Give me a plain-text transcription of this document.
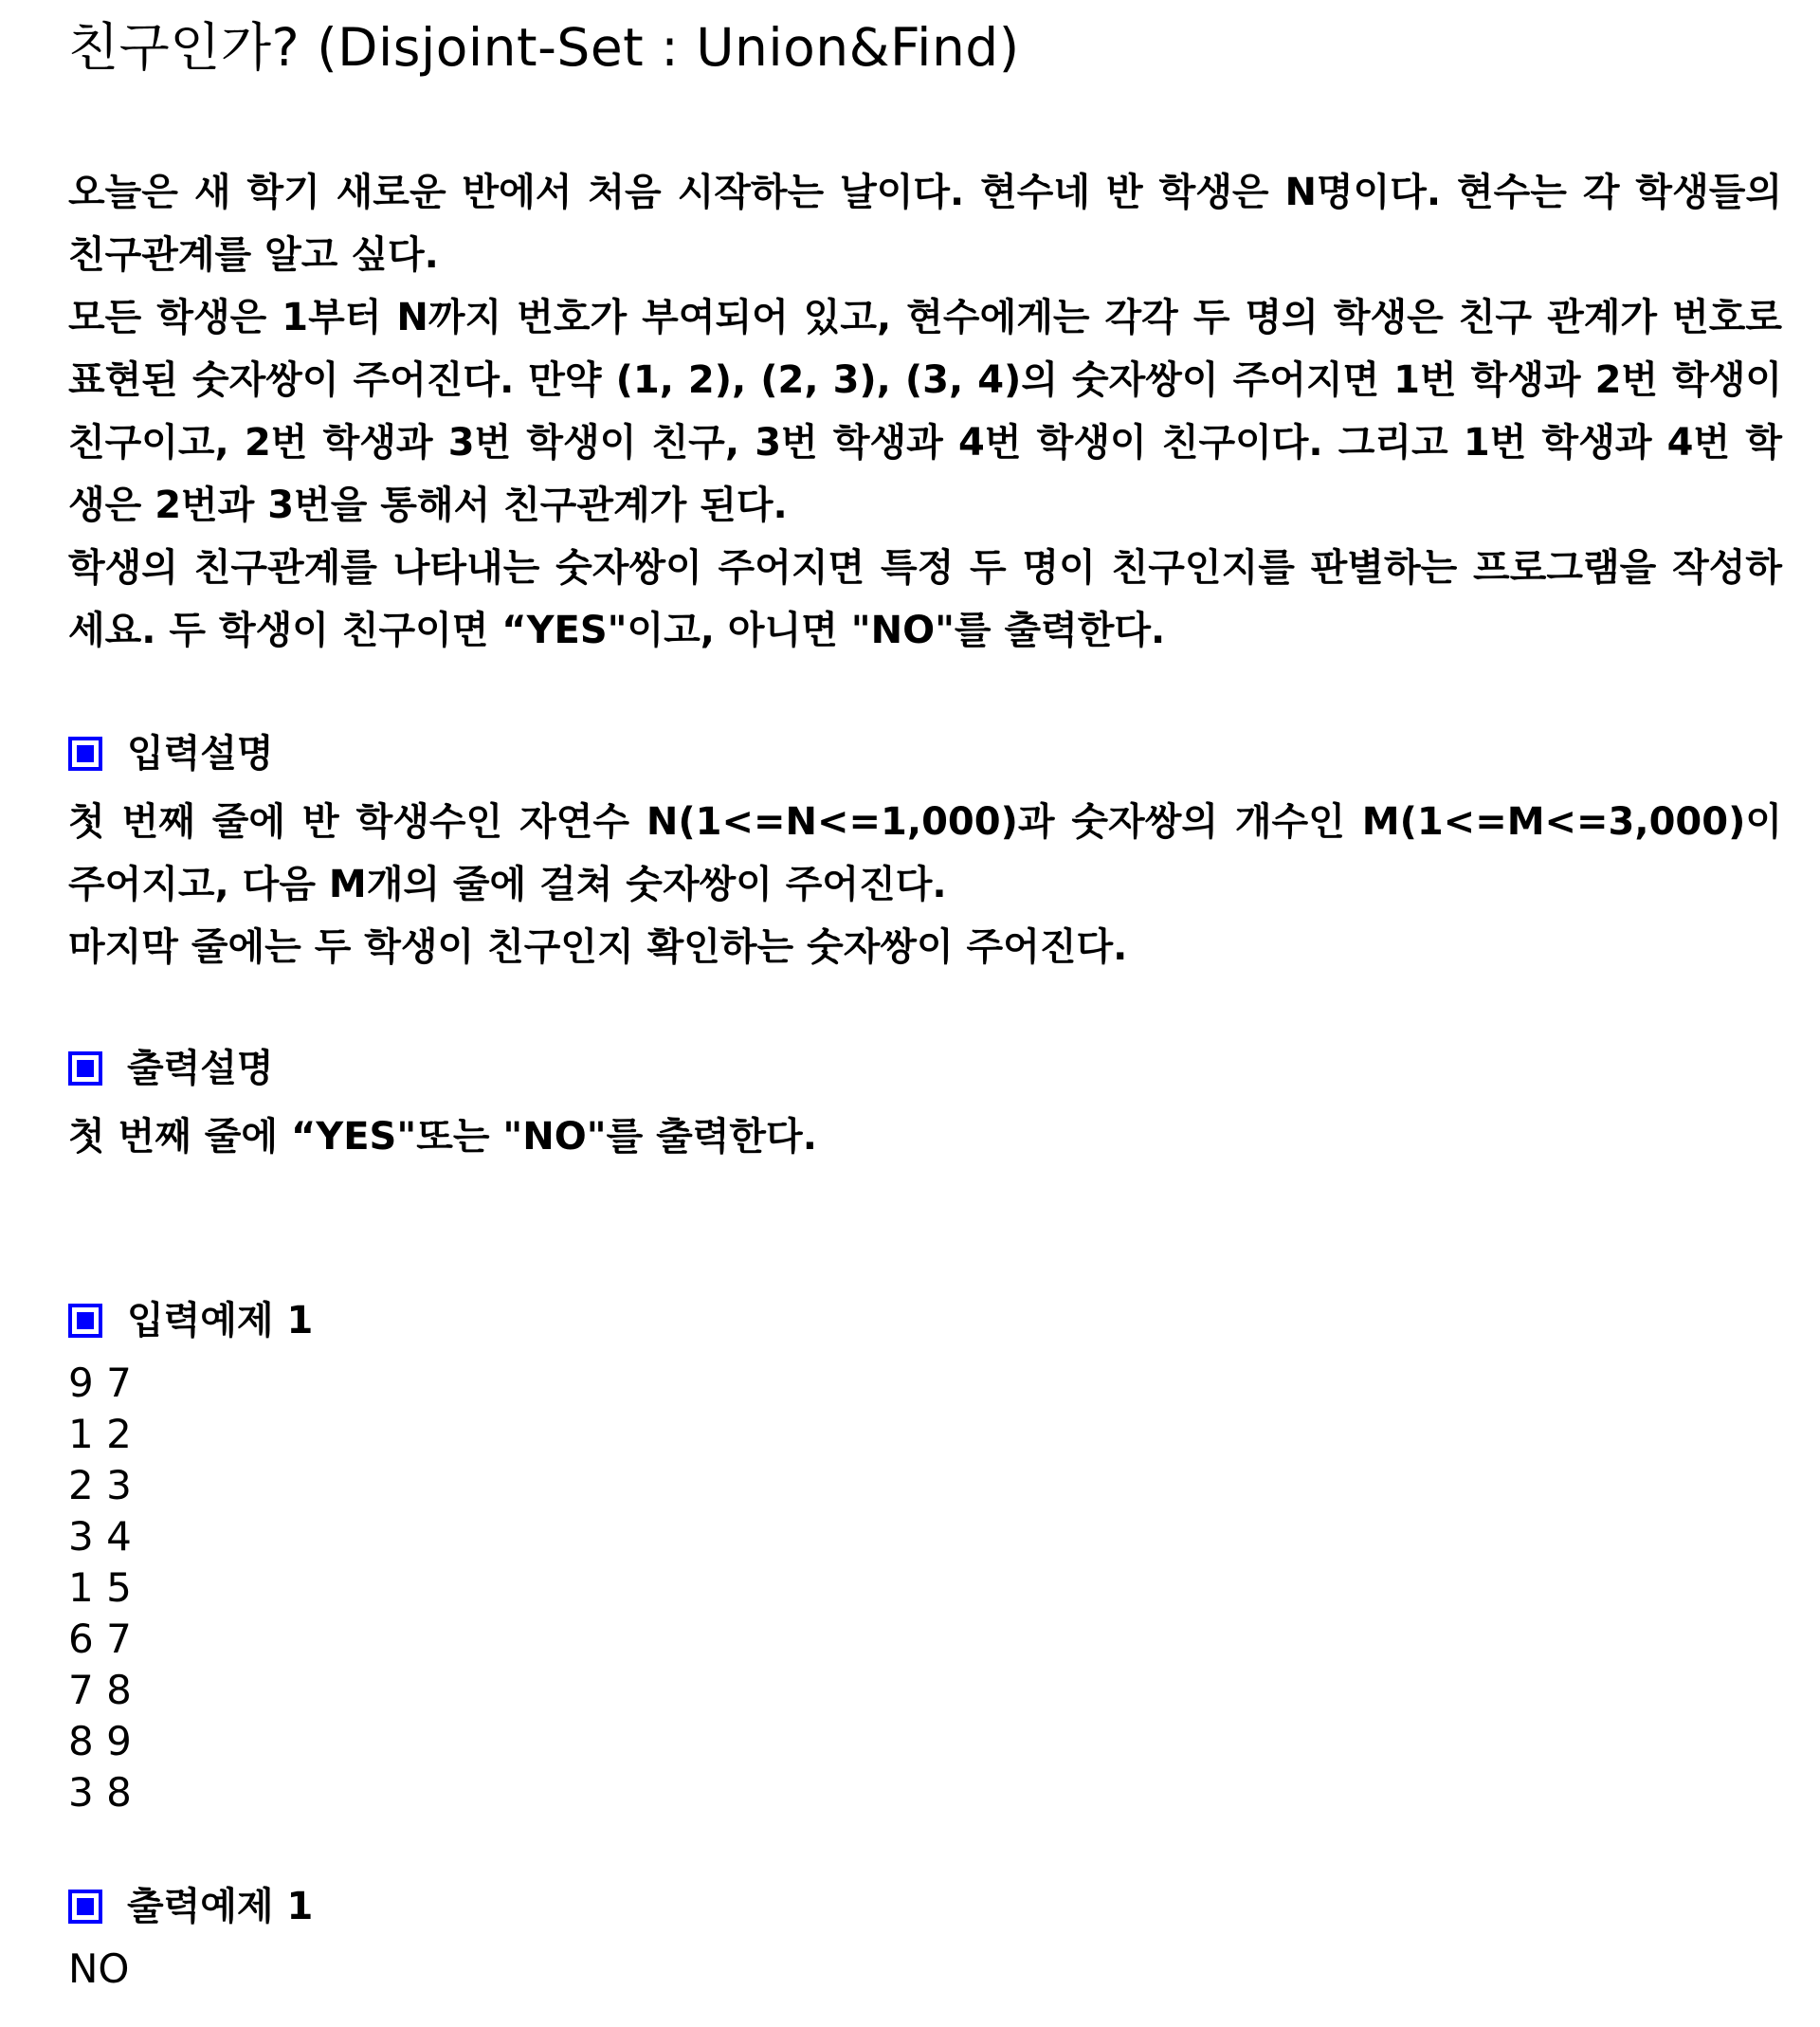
친구인가? (Disjoint-Set : Union&Find)

오늘은 새 학기 새로운 반에서 처음 시작하는 날이다. 현수네 반 학생은 N명이다. 현수는 각 학생들의 친구관계를 알고 싶다.

모든 학생은 1부터 N까지 번호가 부여되어 있고, 현수에게는 각각 두 명의 학생은 친구 관계가 번호로 표현된 숫자쌍이 주어진다. 만약 (1, 2), (2, 3), (3, 4)의 숫자쌍이 주어지면 1번 학생과 2번 학생이 친구이고, 2번 학생과 3번 학생이 친구, 3번 학생과 4번 학생이 친구이다. 그리고 1번 학생과 4번 학생은 2번과 3번을 통해서 친구관계가 된다.

학생의 친구관계를 나타내는 숫자쌍이 주어지면 특정 두 명이 친구인지를 판별하는 프로그램을 작성하세요. 두 학생이 친구이면 “YES"이고, 아니면 "NO"를 출력한다.

입력설명

첫 번째 줄에 반 학생수인 자연수 N(1<=N<=1,000)과 숫자쌍의 개수인 M(1<=M<=3,000)이 주어지고, 다음 M개의 줄에 걸쳐 숫자쌍이 주어진다.
마지막 줄에는 두 학생이 친구인지 확인하는 숫자쌍이 주어진다.

출력설명

첫 번째 줄에 “YES"또는 "NO"를 출력한다.

입력예제 1
9 7
1 2
2 3
3 4
1 5
6 7
7 8
8 9
3 8
출력예제 1
NO
